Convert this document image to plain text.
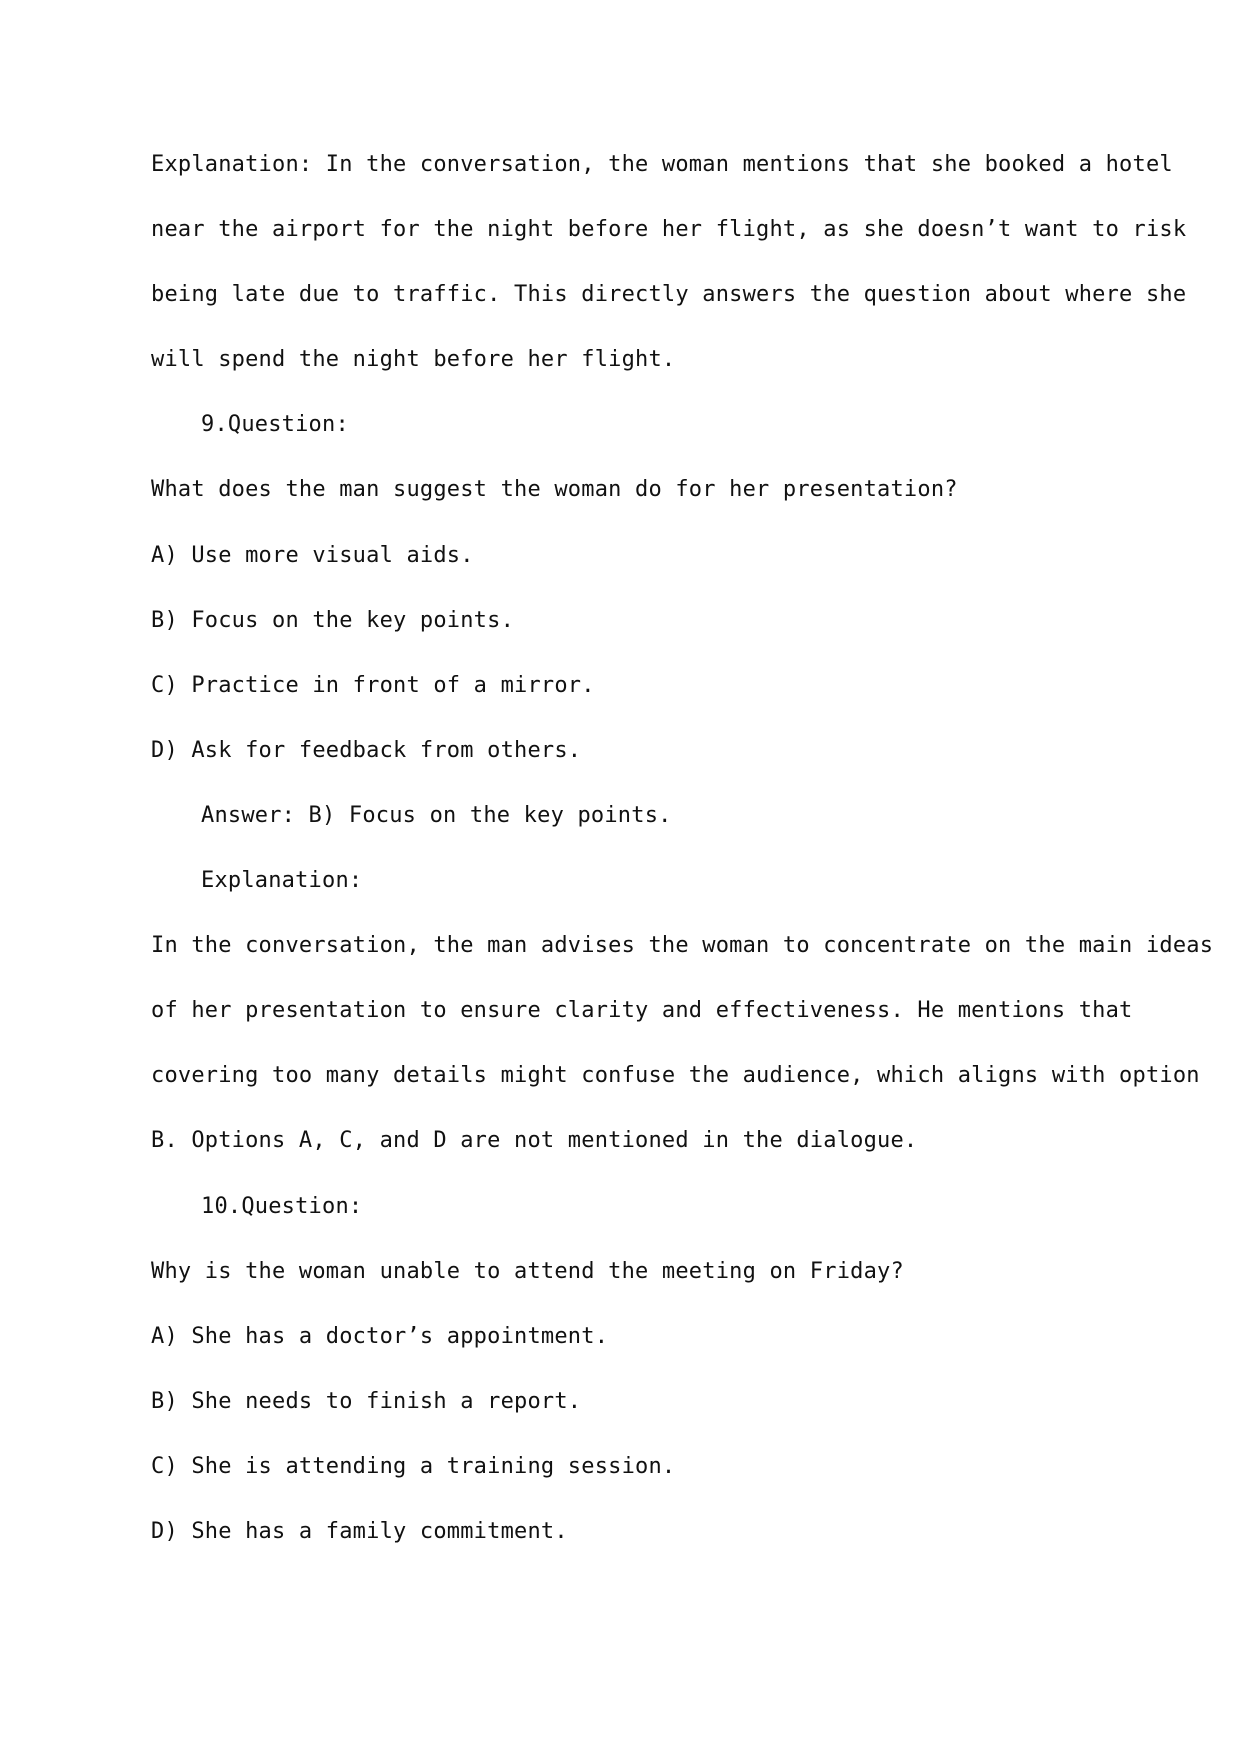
Explanation: In the conversation, the woman mentions that she booked a hotel
near the airport for the night before her flight, as she doesn’t want to risk
being late due to traffic. This directly answers the question about where she
will spend the night before her flight.
9.Question:
What does the man suggest the woman do for her presentation?
A) Use more visual aids.
B) Focus on the key points.
C) Practice in front of a mirror.
D) Ask for feedback from others.
Answer: B) Focus on the key points.
Explanation:
In the conversation, the man advises the woman to concentrate on the main ideas
of her presentation to ensure clarity and effectiveness. He mentions that
covering too many details might confuse the audience, which aligns with option
B. Options A, C, and D are not mentioned in the dialogue.
10.Question:
Why is the woman unable to attend the meeting on Friday?
A) She has a doctor’s appointment.
B) She needs to finish a report.
C) She is attending a training session.
D) She has a family commitment.
